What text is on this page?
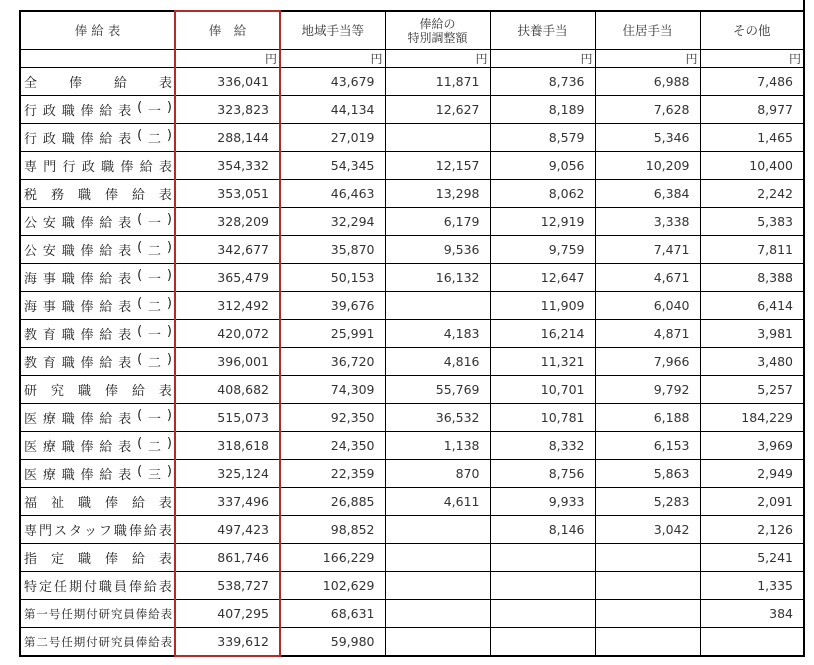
俸 給 表	俸　給	地域手当等	俸給の
特別調整額	扶養手当	住居手当	その他
	円	円	円	円	円	円

全 俸 給 表	336,041	43,679	11,871	8,736	6,988	7,486

行 政 職 俸 給 表 ( 一 )	323,823	44,134	12,627	8,189	7,628	8,977

行 政 職 俸 給 表 ( 二 )	288,144	27,019		8,579	5,346	1,465

専 門 行 政 職 俸 給 表	354,332	54,345	12,157	9,056	10,209	10,400

税 務 職 俸 給 表	353,051	46,463	13,298	8,062	6,384	2,242

公 安 職 俸 給 表 ( 一 )	328,209	32,294	6,179	12,919	3,338	5,383

公 安 職 俸 給 表 ( 二 )	342,677	35,870	9,536	9,759	7,471	7,811

海 事 職 俸 給 表 ( 一 )	365,479	50,153	16,132	12,647	4,671	8,388

海 事 職 俸 給 表 ( 二 )	312,492	39,676		11,909	6,040	6,414

教 育 職 俸 給 表 ( 一 )	420,072	25,991	4,183	16,214	4,871	3,981

教 育 職 俸 給 表 ( 二 )	396,001	36,720	4,816	11,321	7,966	3,480

研 究 職 俸 給 表	408,682	74,309	55,769	10,701	9,792	5,257

医 療 職 俸 給 表 ( 一 )	515,073	92,350	36,532	10,781	6,188	184,229

医 療 職 俸 給 表 ( 二 )	318,618	24,350	1,138	8,332	6,153	3,969

医 療 職 俸 給 表 ( 三 )	325,124	22,359	870	8,756	5,863	2,949

福 祉 職 俸 給 表	337,496	26,885	4,611	9,933	5,283	2,091

専 門 ス タ ッ フ 職 俸 給 表	497,423	98,852		8,146	3,042	2,126

指 定 職 俸 給 表	861,746	166,229				5,241

特 定 任 期 付 職 員 俸 給 表	538,727	102,629				1,335

第 一 号 任 期 付 研 究 員 俸 給 表	407,295	68,631				384

第 二 号 任 期 付 研 究 員 俸 給 表	339,612	59,980				
